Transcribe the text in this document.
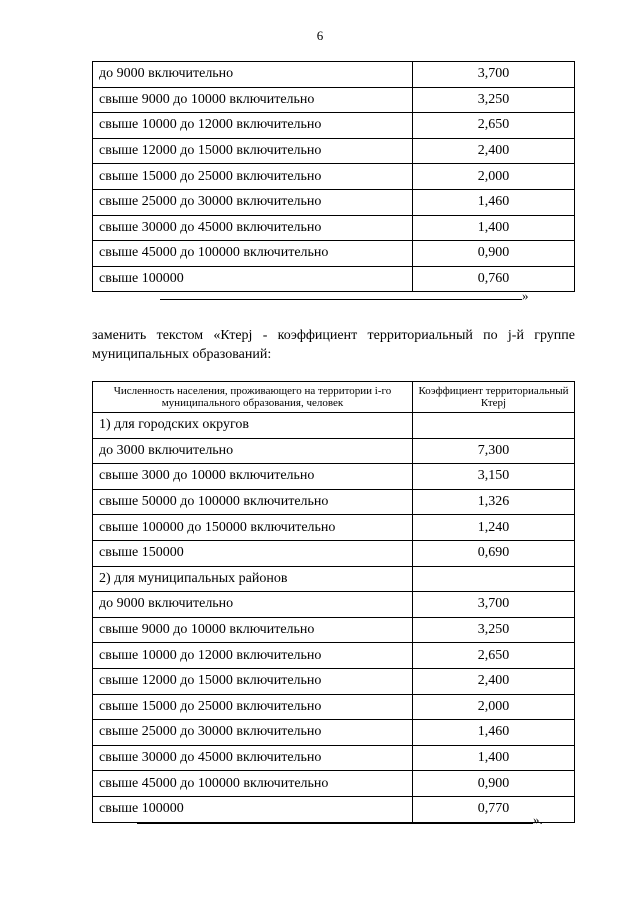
6
до 9000 включительно	3,700
свыше 9000 до 10000 включительно	3,250
свыше 10000 до 12000 включительно	2,650
свыше 12000 до 15000 включительно	2,400
свыше 15000 до 25000 включительно	2,000
свыше 25000 до 30000 включительно	1,460
свыше 30000 до 45000 включительно	1,400
свыше 45000 до 100000 включительно	0,900
свыше 100000	0,760
»
заменить текстом «Ктерj - коэффициент территориальный по j-й группе муниципальных образований:
Численность населения, проживающего на территории i-го муниципального образования, человек	Коэффициент территориальный Ктерj
1) для городских округов	
до 3000 включительно	7,300
свыше 3000 до 10000 включительно	3,150
свыше 50000 до 100000 включительно	1,326
свыше 100000 до 150000 включительно	1,240
свыше 150000	0,690
2) для муниципальных районов	
до 9000 включительно	3,700
свыше 9000 до 10000 включительно	3,250
свыше 10000 до 12000 включительно	2,650
свыше 12000 до 15000 включительно	2,400
свыше 15000 до 25000 включительно	2,000
свыше 25000 до 30000 включительно	1,460
свыше 30000 до 45000 включительно	1,400
свыше 45000 до 100000 включительно	0,900
свыше 100000	0,770
».
